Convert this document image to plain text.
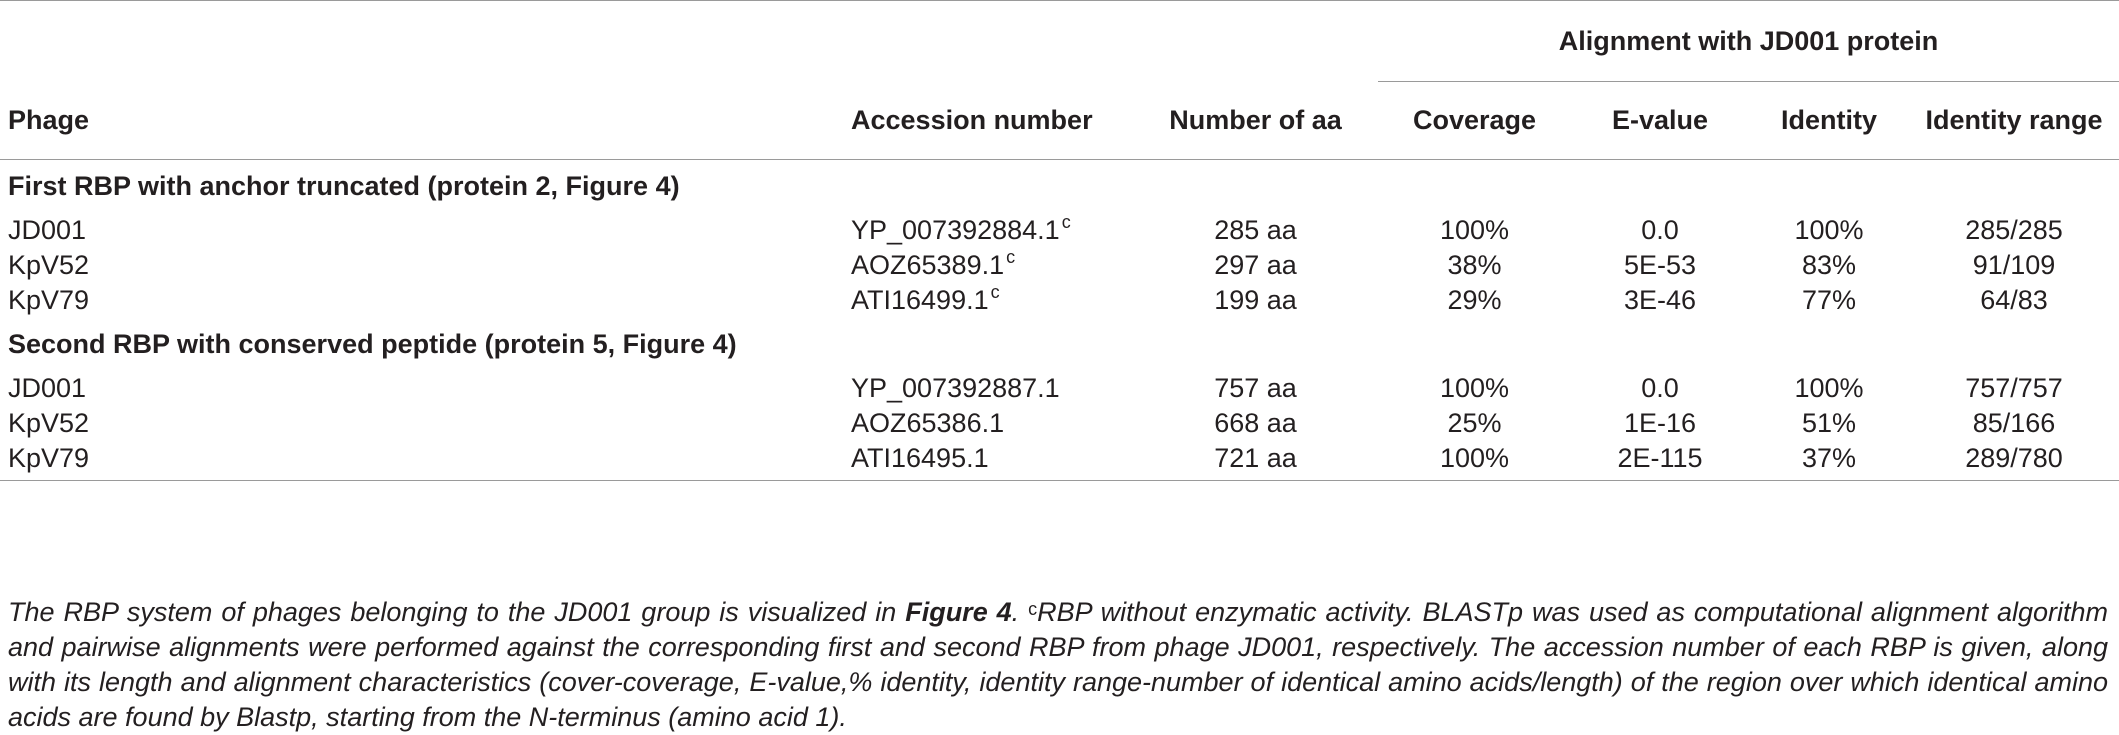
			Alignment with JD001 protein			
Phage	Accession number	Number of aa	Coverage	E-value	Identity	Identity range
First RBP with anchor truncated (protein 2, Figure 4)						
JD001	YP_007392884.1 $^c$	285 aa	100%	0.0	100%	285/285
KpV52	AOZ65389.1 $^c$	297 aa	38%	5E-53	83%	91/109
KpV79	ATI16499.1 $^c$	199 aa	29%	3E-46	77%	64/83
Second RBP with conserved peptide (protein 5, Figure 4)						
JD001	YP_007392887.1	757 aa	100%	0.0	100%	757/757
KpV52	AOZ65386.1	668 aa	25%	1E-16	51%	85/166
KpV79	ATI16495.1	721 aa	100%	2E-115	37%	289/780

The RBP system of phages belonging to the JD001 group is visualized in Figure 4. $^c$RBP without enzymatic activity. BLASTp was used as computational alignment algorithm and pairwise alignments were performed against the corresponding first and second RBP from phage JD001, respectively. The accession number of each RBP is given, along with its length and alignment characteristics (cover-coverage, E-value,% identity, identity range-number of identical amino acids/length) of the region over which identical amino acids are found by Blastp, starting from the N-terminus (amino acid 1).
